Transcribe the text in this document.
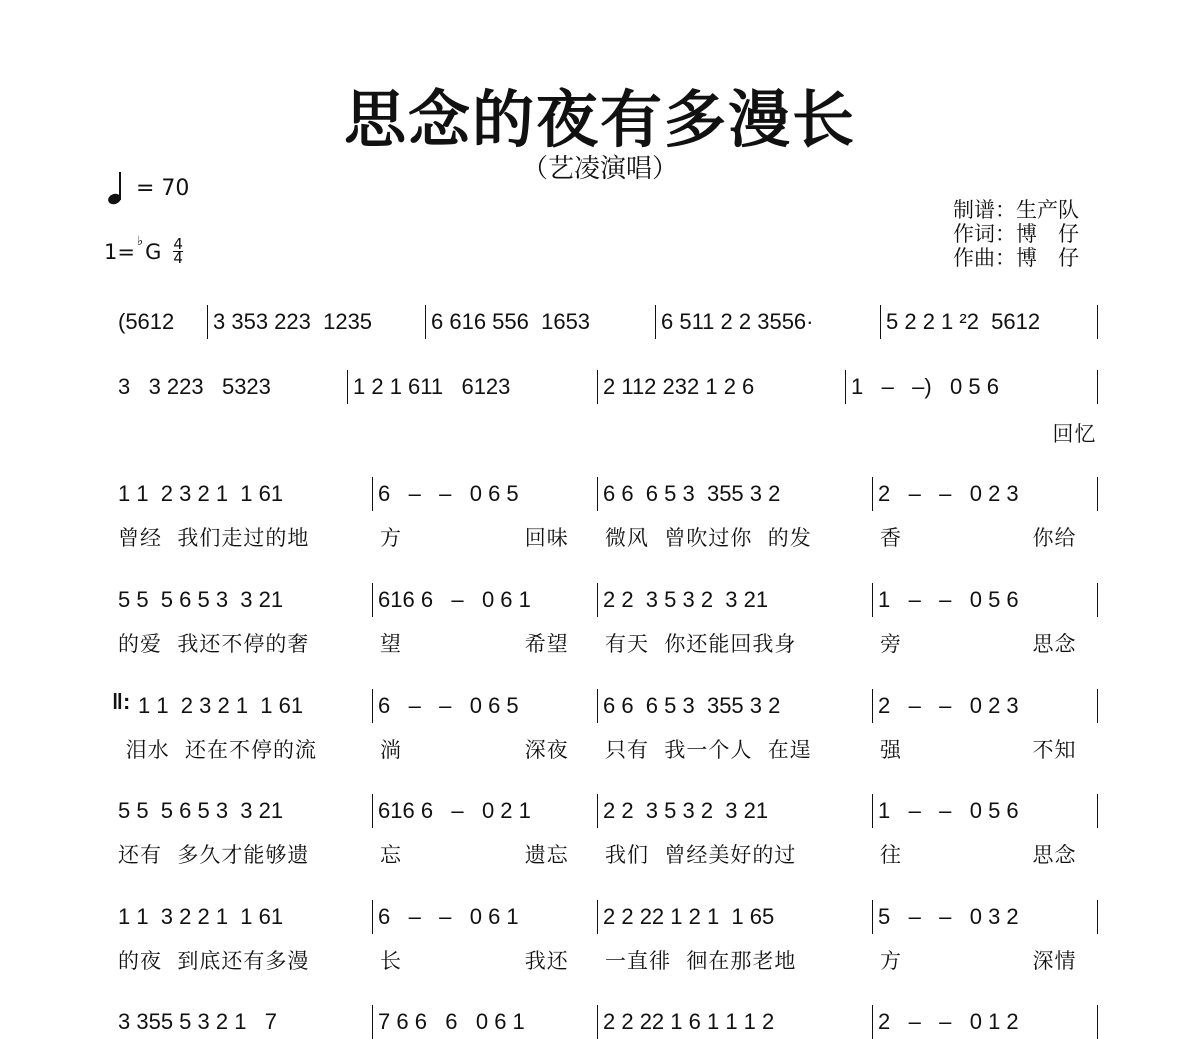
思念的夜有多漫长
（艺凌演唱）
= 70
1= ♭ G 4
4
制谱：生产队
作词：博　仔
作曲：博　仔
(5612	3 353 223  1235	6 616 556  1653	6 511 2 2 3556·	5 2 2 1 ²2  5612
3   3 223   5323	1 2 1 611   6123	2 112 232 1 2 6	1   –   –)   0 5 6
回忆
1 1  2 3 2 1  1 61	6   –   –   0 6 5	6 6  6 5 3  355 3 2	2   –   –   0 2 3
曾经  我们走过的地	方                回味 微风  曾吹过你  的发	香                 你给
5 5  5 6 5 3  3 21	616 6   –   0 6 1	2 2  3 5 3 2  3 21	1   –   –   0 5 6
的爱  我还不停的奢	望                希望 有天  你还能回我身	旁                 思念
‖: 1 1  2 3 2 1  1 61	6   –   –   0 6 5	6 6  6 5 3  355 3 2	2   –   –   0 2 3
泪水  还在不停的流	淌                深夜 只有  我一个人  在逞	强                 不知
5 5  5 6 5 3  3 21	616 6   –   0 2 1	2 2  3 5 3 2  3 21	1   –   –   0 5 6
还有  多久才能够遗	忘                遗忘 我们  曾经美好的过	往                 思念
1 1  3 2 2 1  1 61	6   –   –   0 6 1	2 2 22 1 2 1  1 65	5   –   –   0 3 2
的夜  到底还有多漫	长                我还 一直徘  徊在那老地	方                 深情
3 355 5 3 2 1   7	7 6 6   6   0 6 1	2 2 22 1 6 1 1 1 2	2   –   –   0 1 2
